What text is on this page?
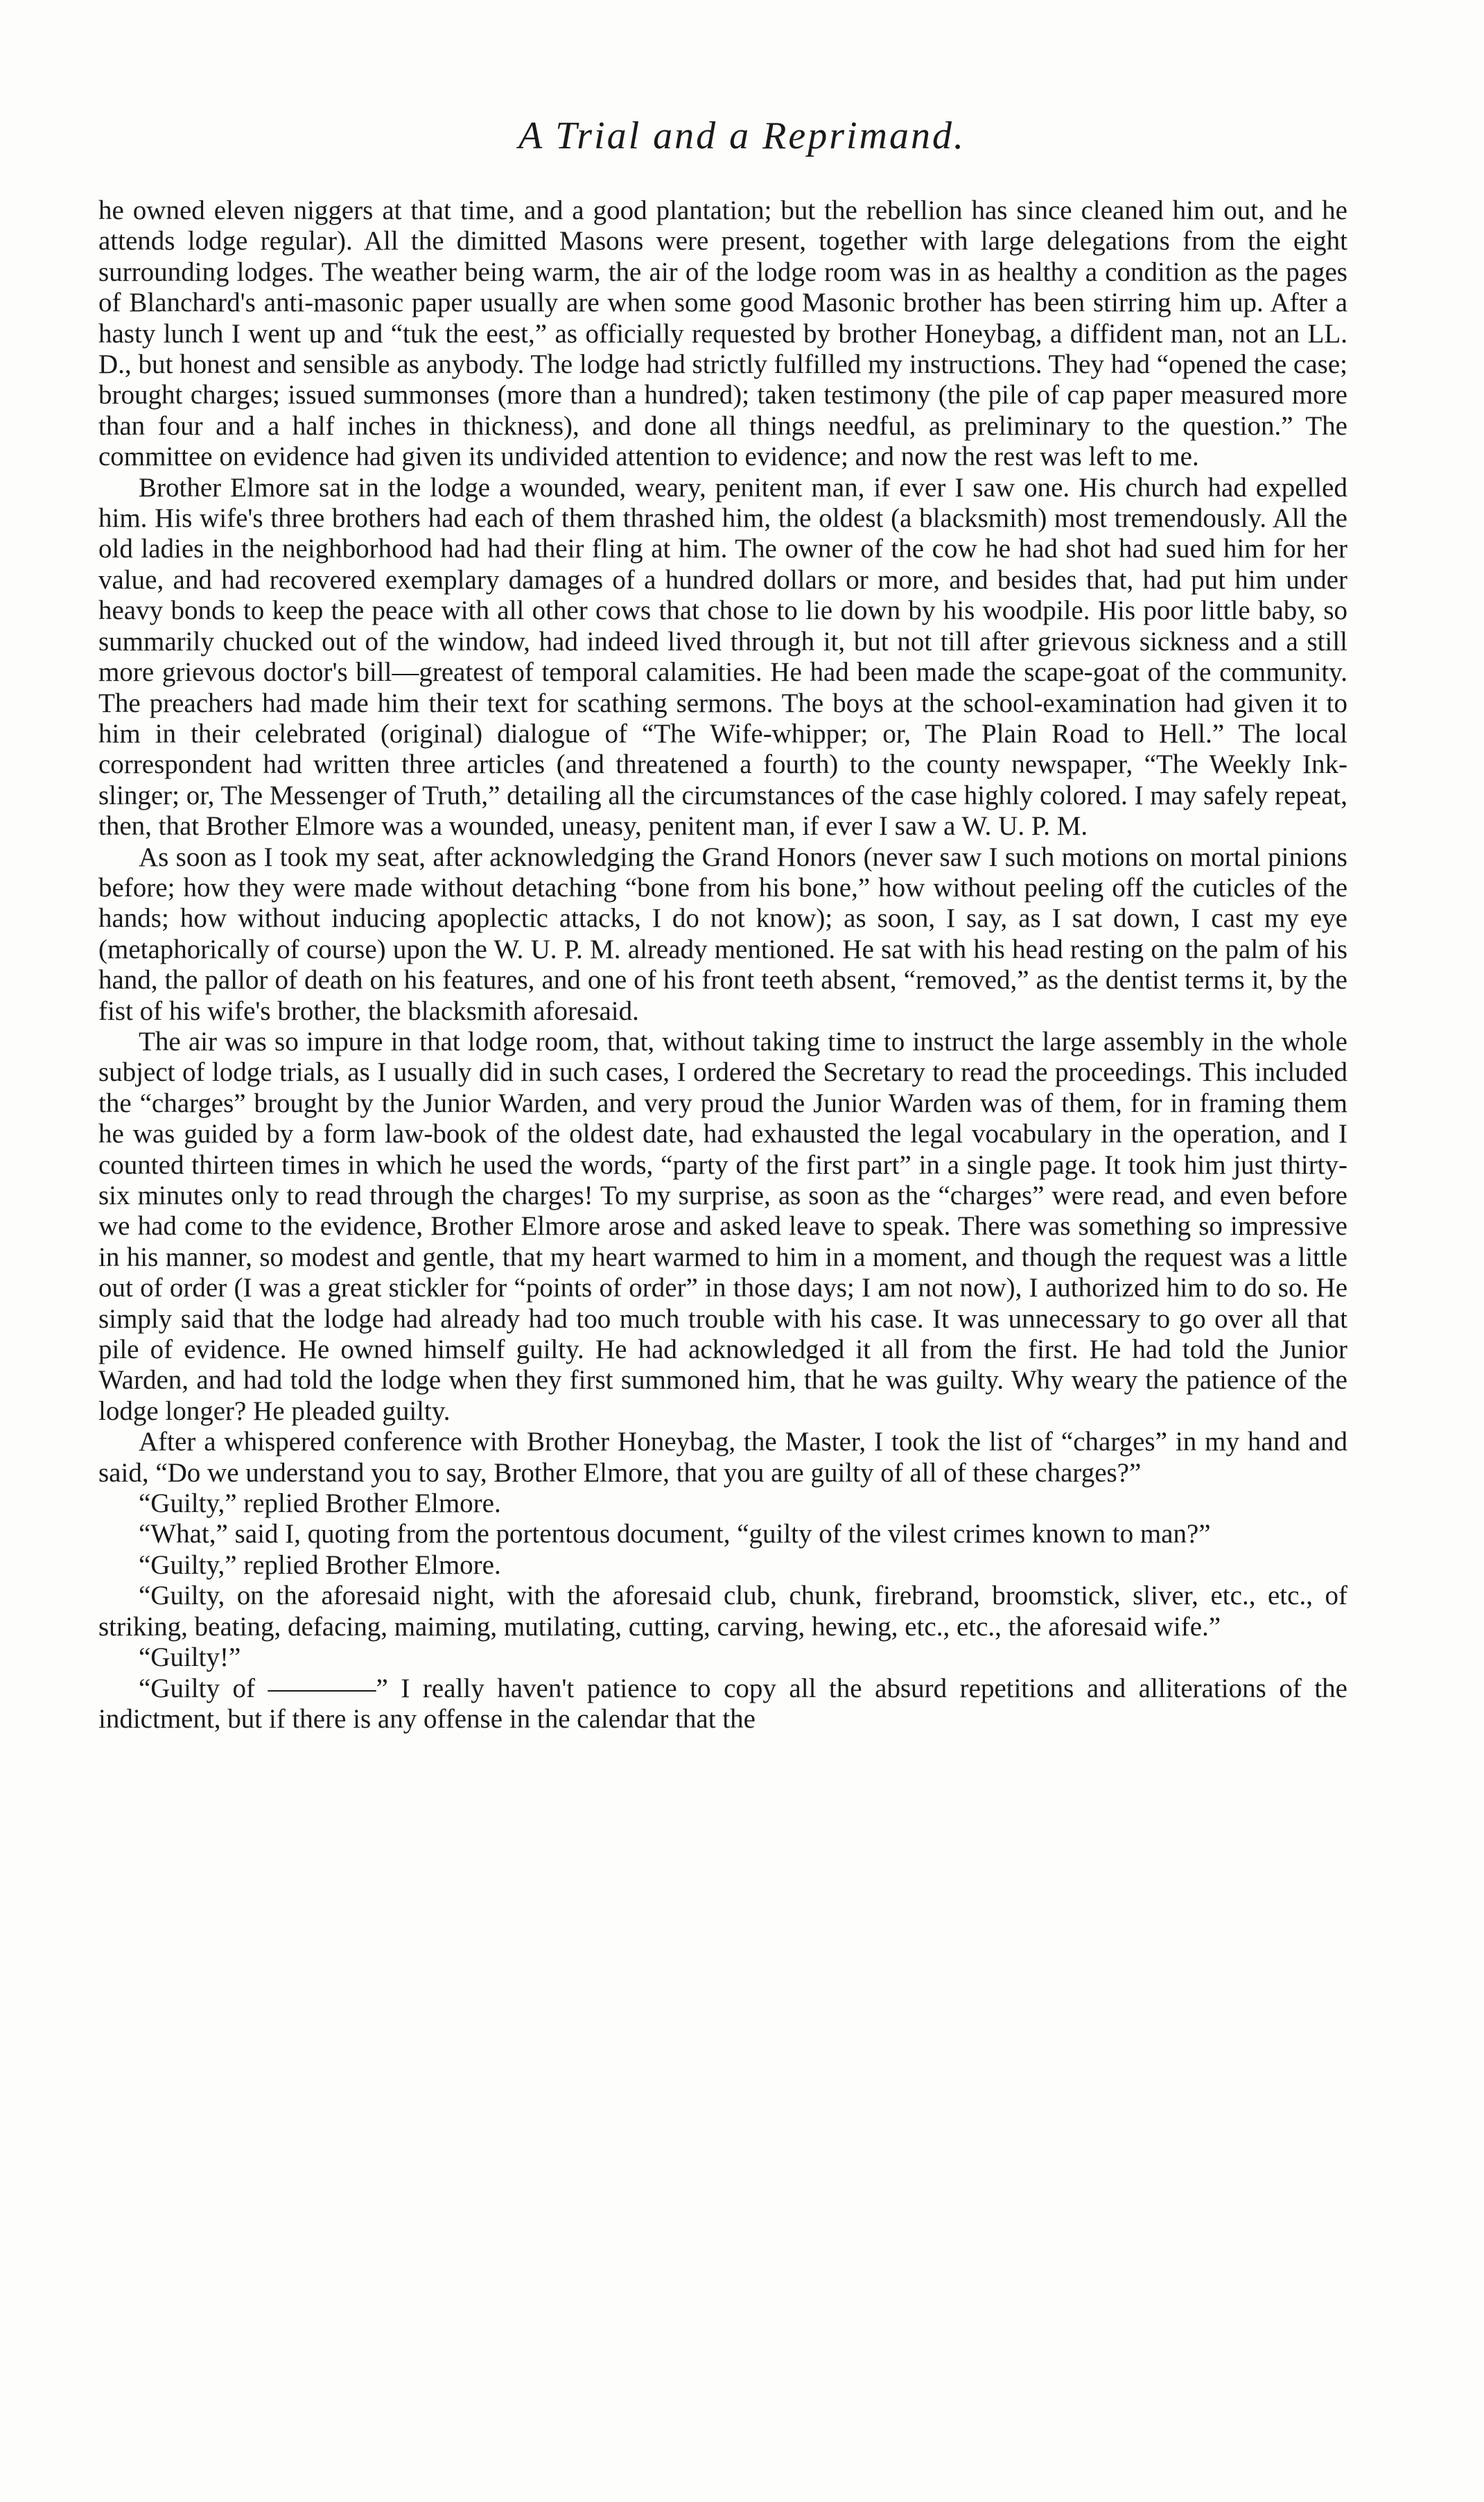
A Trial and a Reprimand.

he owned eleven niggers at that time, and a good plantation; but the rebellion has since cleaned him out, and he attends lodge regular). All the dimitted Masons were present, together with large delegations from the eight surrounding lodges. The weather being warm, the air of the lodge room was in as healthy a condition as the pages of Blanchard's anti-masonic paper usually are when some good Masonic brother has been stirring him up. After a hasty lunch I went up and “tuk the eest,” as officially requested by brother Honeybag, a diffident man, not an LL. D., but honest and sensible as anybody. The lodge had strictly fulfilled my instructions. They had “opened the case; brought charges; issued summonses (more than a hundred); taken testimony (the pile of cap paper measured more than four and a half inches in thickness), and done all things needful, as preliminary to the question.” The committee on evidence had given its undivided attention to evidence; and now the rest was left to me.

Brother Elmore sat in the lodge a wounded, weary, penitent man, if ever I saw one. His church had expelled him. His wife's three brothers had each of them thrashed him, the oldest (a blacksmith) most tremendously. All the old ladies in the neighborhood had had their fling at him. The owner of the cow he had shot had sued him for her value, and had recovered exemplary damages of a hundred dollars or more, and besides that, had put him under heavy bonds to keep the peace with all other cows that chose to lie down by his woodpile. His poor little baby, so summarily chucked out of the window, had indeed lived through it, but not till after grievous sickness and a still more grievous doctor's bill—greatest of temporal calamities. He had been made the scape-goat of the community. The preachers had made him their text for scathing sermons. The boys at the school-examination had given it to him in their celebrated (original) dialogue of “The Wife-whipper; or, The Plain Road to Hell.” The local correspondent had written three articles (and threatened a fourth) to the county newspaper, “The Weekly Ink-slinger; or, The Messenger of Truth,” detailing all the circumstances of the case highly colored. I may safely repeat, then, that Brother Elmore was a wounded, uneasy, penitent man, if ever I saw a W. U. P. M.

As soon as I took my seat, after acknowledging the Grand Honors (never saw I such motions on mortal pinions before; how they were made without detaching “bone from his bone,” how without peeling off the cuticles of the hands; how without inducing apoplectic attacks, I do not know); as soon, I say, as I sat down, I cast my eye (metaphorically of course) upon the W. U. P. M. already mentioned. He sat with his head resting on the palm of his hand, the pallor of death on his features, and one of his front teeth absent, “removed,” as the dentist terms it, by the fist of his wife's brother, the blacksmith aforesaid.

The air was so impure in that lodge room, that, without taking time to instruct the large assembly in the whole subject of lodge trials, as I usually did in such cases, I ordered the Secretary to read the proceedings. This included the “charges” brought by the Junior Warden, and very proud the Junior Warden was of them, for in framing them he was guided by a form law-book of the oldest date, had exhausted the legal vocabulary in the operation, and I counted thirteen times in which he used the words, “party of the first part” in a single page. It took him just thirty-six minutes only to read through the charges! To my surprise, as soon as the “charges” were read, and even before we had come to the evidence, Brother Elmore arose and asked leave to speak. There was something so impressive in his manner, so modest and gentle, that my heart warmed to him in a moment, and though the request was a little out of order (I was a great stickler for “points of order” in those days; I am not now), I authorized him to do so. He simply said that the lodge had already had too much trouble with his case. It was unnecessary to go over all that pile of evidence. He owned himself guilty. He had acknowledged it all from the first. He had told the Junior Warden, and had told the lodge when they first summoned him, that he was guilty. Why weary the patience of the lodge longer? He pleaded guilty.

After a whispered conference with Brother Honeybag, the Master, I took the list of “charges” in my hand and said, “Do we understand you to say, Brother Elmore, that you are guilty of all of these charges?”

“Guilty,” replied Brother Elmore.

“What,” said I, quoting from the portentous document, “guilty of the vilest crimes known to man?”

“Guilty,” replied Brother Elmore.

“Guilty, on the aforesaid night, with the aforesaid club, chunk, firebrand, broomstick, sliver, etc., etc., of striking, beating, defacing, maiming, mutilating, cutting, carving, hewing, etc., etc., the aforesaid wife.”

“Guilty!”

“Guilty of ————” I really haven't patience to copy all the absurd repetitions and alliterations of the indictment, but if there is any offense in the calendar that the
